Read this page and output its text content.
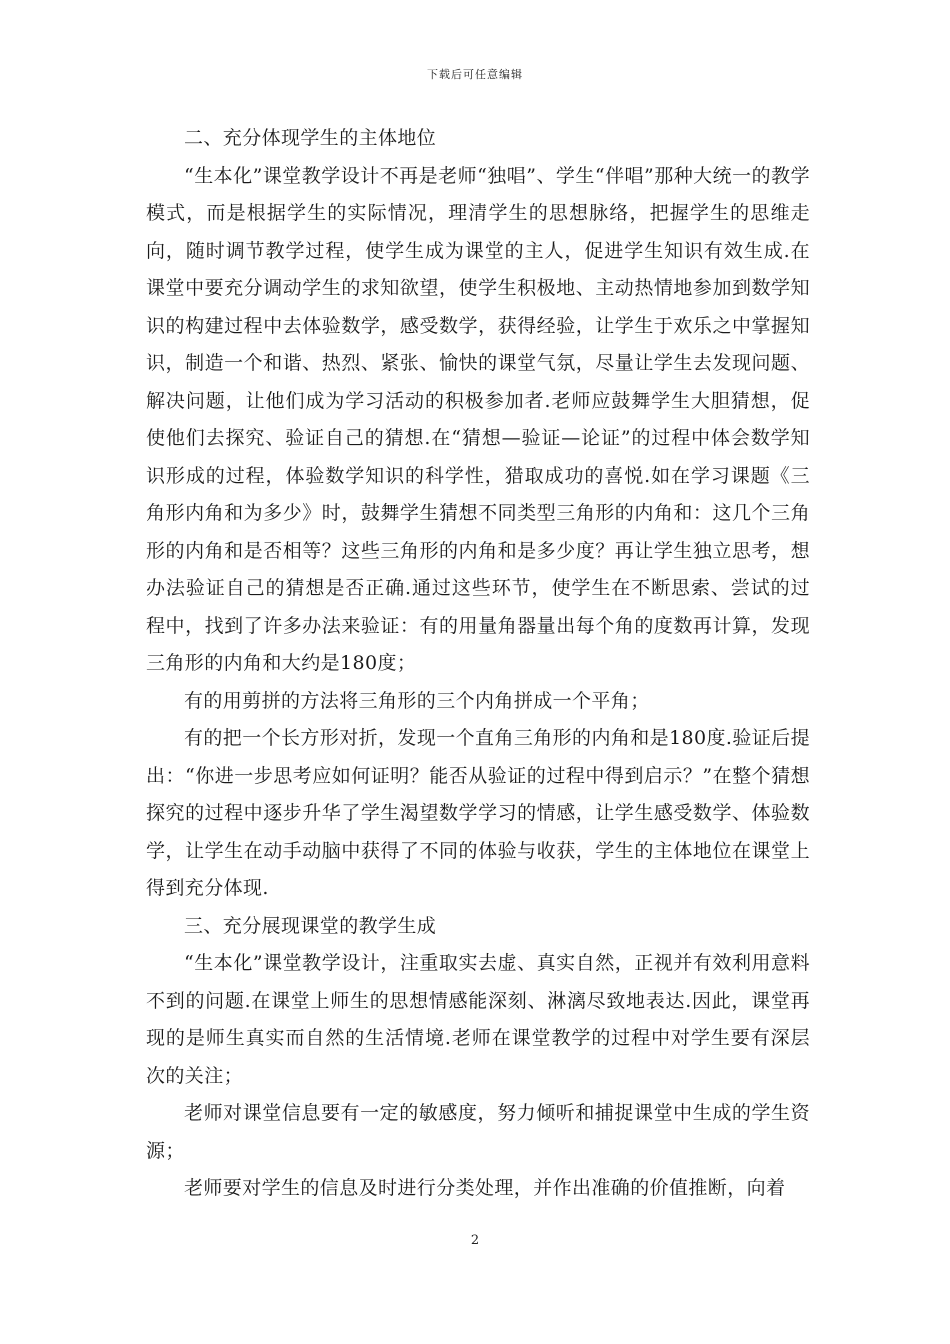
下载后可任意编辑

二、充分体现学生的主体地位

“生本化”课堂教学设计不再是老师“独唱”、学生“伴唱”那种大统一的教学模式，而是根据学生的实际情况，理清学生的思想脉络，把握学生的思维走向，随时调节教学过程，使学生成为课堂的主人，促进学生知识有效生成.在课堂中要充分调动学生的求知欲望，使学生积极地、主动热情地参加到数学知识的构建过程中去体验数学，感受数学，获得经验，让学生于欢乐之中掌握知识，制造一个和谐、热烈、紧张、愉快的课堂气氛，尽量让学生去发现问题、解决问题，让他们成为学习活动的积极参加者.老师应鼓舞学生大胆猜想，促使他们去探究、验证自己的猜想.在“猜想—验证—论证”的过程中体会数学知识形成的过程，体验数学知识的科学性，猎取成功的喜悦.如在学习课题《三角形内角和为多少》时，鼓舞学生猜想不同类型三角形的内角和：这几个三角形的内角和是否相等？这些三角形的内角和是多少度？再让学生独立思考，想办法验证自己的猜想是否正确.通过这些环节，使学生在不断思索、尝试的过程中，找到了许多办法来验证：有的用量角器量出每个角的度数再计算，发现三角形的内角和大约是180度；

有的用剪拼的方法将三角形的三个内角拼成一个平角；

有的把一个长方形对折，发现一个直角三角形的内角和是180度.验证后提出：“你进一步思考应如何证明？能否从验证的过程中得到启示？”在整个猜想探究的过程中逐步升华了学生渴望数学学习的情感，让学生感受数学、体验数学，让学生在动手动脑中获得了不同的体验与收获，学生的主体地位在课堂上得到充分体现.

三、充分展现课堂的教学生成

“生本化”课堂教学设计，注重取实去虚、真实自然，正视并有效利用意料不到的问题.在课堂上师生的思想情感能深刻、淋漓尽致地表达.因此，课堂再现的是师生真实而自然的生活情境.老师在课堂教学的过程中对学生要有深层次的关注；

老师对课堂信息要有一定的敏感度，努力倾听和捕捉课堂中生成的学生资源；

老师要对学生的信息及时进行分类处理，并作出准确的价值推断，向着

2
